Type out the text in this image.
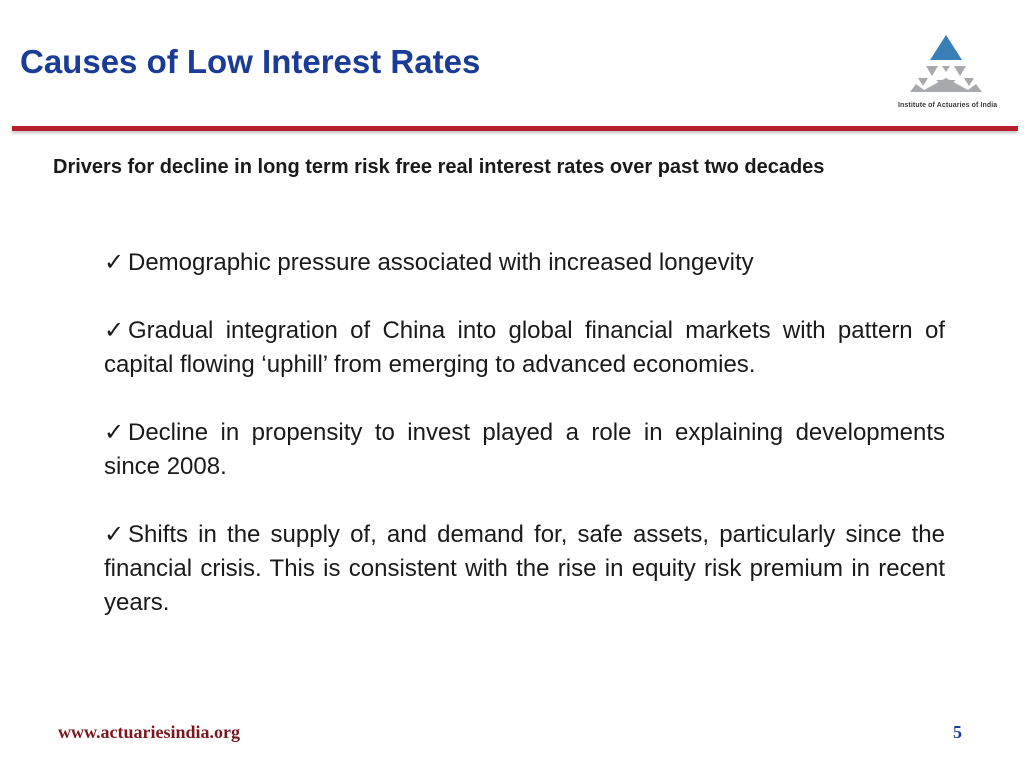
Causes of Low Interest Rates
Institute of Actuaries of India

Drivers for decline in long term risk free real interest rates over past two decades

✓ Demographic pressure associated with increased longevity
✓ Gradual integration of China into global financial markets with pattern of capital flowing ‘uphill’ from emerging to advanced economies.
✓ Decline in propensity to invest played a role in explaining developments since 2008.
✓ Shifts in the supply of, and demand for, safe assets, particularly since the financial crisis. This is consistent with the rise in equity risk premium in recent years.
www.actuariesindia.org	5
